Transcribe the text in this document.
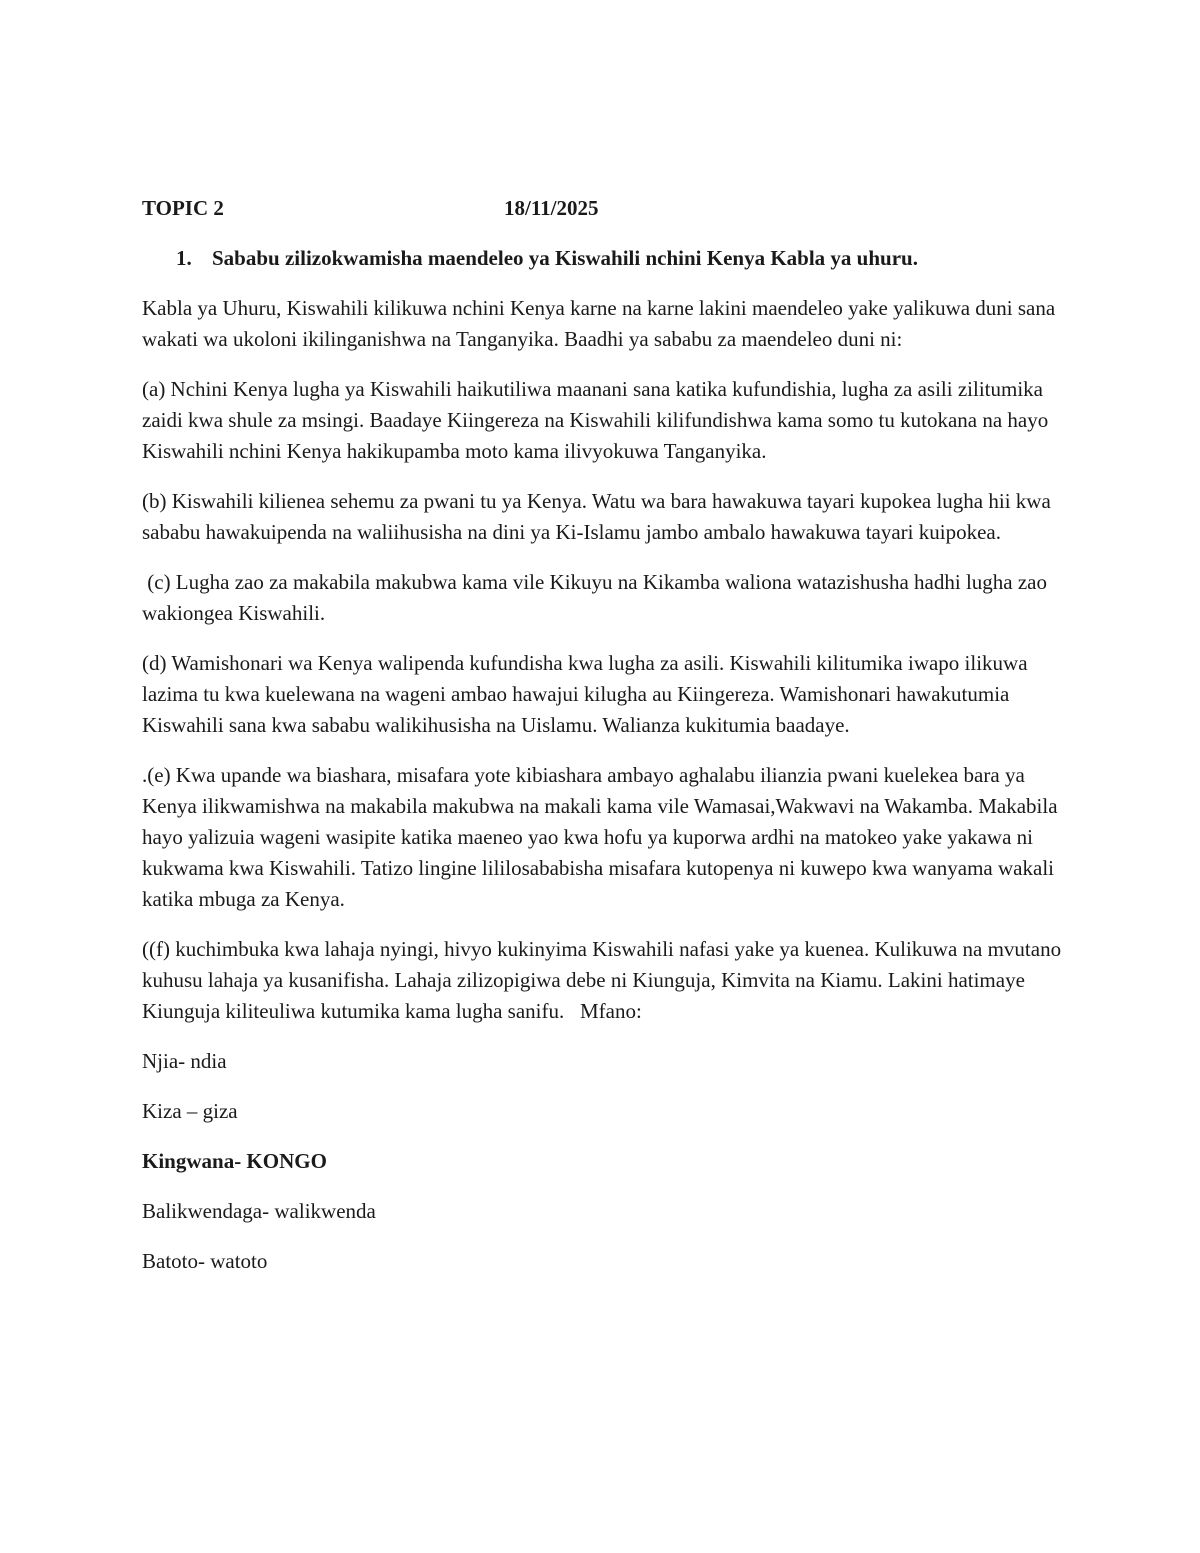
TOPIC 2	18/11/2025
1. Sababu zilizokwamisha maendeleo ya Kiswahili nchini Kenya Kabla ya uhuru.

Kabla ya Uhuru, Kiswahili kilikuwa nchini Kenya karne na karne lakini maendeleo yake yalikuwa duni sana wakati wa ukoloni ikilinganishwa na Tanganyika. Baadhi ya sababu za maendeleo duni ni:

(a) Nchini Kenya lugha ya Kiswahili haikutiliwa maanani sana katika kufundishia, lugha za asili zilitumika zaidi kwa shule za msingi. Baadaye Kiingereza na Kiswahili kilifundishwa kama somo tu kutokana na hayo Kiswahili nchini Kenya hakikupamba moto kama ilivyokuwa Tanganyika.

(b) Kiswahili kilienea sehemu za pwani tu ya Kenya. Watu wa bara hawakuwa tayari kupokea lugha hii kwa sababu hawakuipenda na waliihusisha na dini ya Ki-Islamu jambo ambalo hawakuwa tayari kuipokea.

(c) Lugha zao za makabila makubwa kama vile Kikuyu na Kikamba waliona watazishusha hadhi lugha zao wakiongea Kiswahili.

(d) Wamishonari wa Kenya walipenda kufundisha kwa lugha za asili. Kiswahili kilitumika iwapo ilikuwa lazima tu kwa kuelewana na wageni ambao hawajui kilugha au Kiingereza. Wamishonari hawakutumia Kiswahili sana kwa sababu walikihusisha na Uislamu. Walianza kukitumia baadaye.

.(e) Kwa upande wa biashara, misafara yote kibiashara ambayo aghalabu ilianzia pwani kuelekea bara ya Kenya ilikwamishwa na makabila makubwa na makali kama vile Wamasai,Wakwavi na Wakamba. Makabila hayo yalizuia wageni wasipite katika maeneo yao kwa hofu ya kuporwa ardhi na matokeo yake yakawa ni kukwama kwa Kiswahili. Tatizo lingine lililosababisha misafara kutopenya ni kuwepo kwa wanyama wakali katika mbuga za Kenya.

((f) kuchimbuka kwa lahaja nyingi, hivyo kukinyima Kiswahili nafasi yake ya kuenea. Kulikuwa na mvutano kuhusu lahaja ya kusanifisha. Lahaja zilizopigiwa debe ni Kiunguja, Kimvita na Kiamu. Lakini hatimaye Kiunguja kiliteuliwa kutumika kama lugha sanifu.   Mfano:

Njia- ndia

Kiza – giza

Kingwana- KONGO

Balikwendaga- walikwenda

Batoto- watoto
